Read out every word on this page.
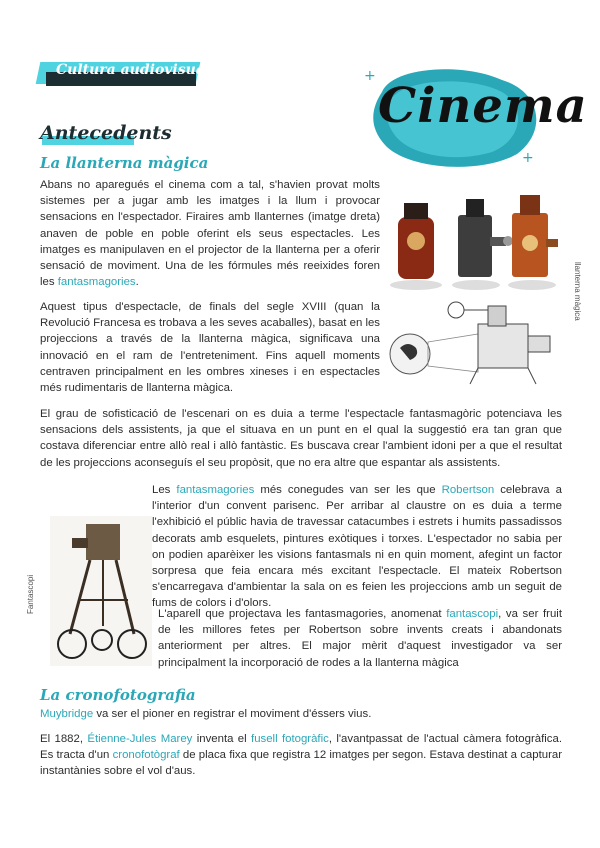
Cultura audiovisual	+
+
Cinema
Antecedents
La llanterna màgica

Abans no aparegués el cinema com a tal, s'havien provat molts sistemes per a jugar amb les imatges i la llum i provocar sensacions en l'espectador. Firaires amb llanternes (imatge dreta) anaven de poble en poble oferint els seus espectacles. Les imatges es manipulaven en el projector de la llanterna per a oferir sensació de moviment. Una de les fórmules més reeixides foren les fantasmagories.	llanterna màgica

Aquest tipus d'espectacle, de finals del segle XVIII (quan la Revolució Francesa es trobava a les seves acaballes), basat en les projeccions a través de la llanterna màgica, significava una innovació en el ram de l'entreteniment. Fins aquell moments centraven principalment en les ombres xineses i en espectacles més rudimentaris de llanterna màgica.

El grau de sofisticació de l'escenari on es duia a terme l'espectacle fantasmagòric potenciava les sensacions dels assistents, ja que el situava en un punt en el qual la suggestió era tan gran que costava diferenciar entre allò real i allò fantàstic. Es buscava crear l'ambient idoni per a que el resultat de les projeccions aconseguís el seu propòsit, que no era altre que espantar als assistents.

Les fantasmagories més conegudes van ser les que Robertson celebrava a l'interior d'un convent parisenc. Per arribar al claustre on es duia a terme l'exhibició el públic havia de travessar catacumbes i estrets i humits passadissos decorats amb esquelets, pintures exòtiques i torxes. L'espectador no sabia per on podien aparèixer les visions fantasmals ni en quin moment, afegint un factor sorpresa que feia encara més excitant l'espectacle. El mateix Robertson s'encarregava d'ambientar la sala on es feien les projeccions amb un seguit de fums de colors i d'olors.

Fantascopi	L'aparell que projectava les fantasmagories, anomenat fantascopi, va ser fruit de les millores fetes per Robertson sobre invents creats i abandonats anteriorment per altres. El major mèrit d'aquest investigador va ser principalment la incorporació de rodes a la llanterna màgica

La cronofotografia

Muybridge va ser el pioner en registrar el moviment d'éssers vius.

El 1882, Étienne-Jules Marey inventa el fusell fotogràfic, l'avantpassat de l'actual càmera fotogràfica. Es tracta d'un cronofotògraf de placa fixa que registra 12 imatges per segon. Estava destinat a capturar instantànies sobre el vol d'aus.
